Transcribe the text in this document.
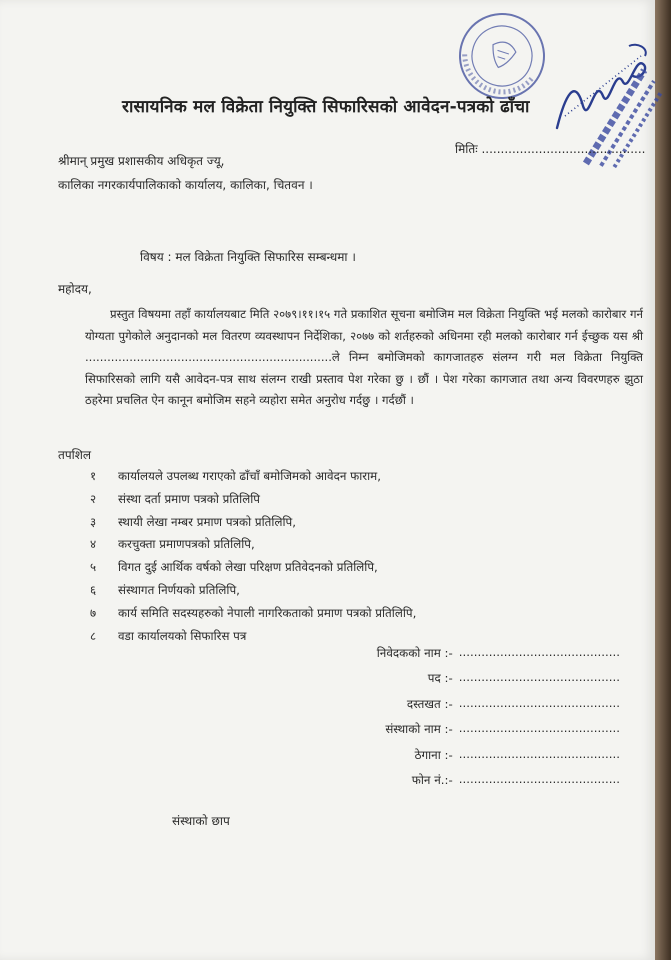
रासायनिक मल विक्रेता नियुक्ति सिफारिसको आवेदन-पत्रको ढाँचा
मितिः ...........................................
श्रीमान् प्रमुख प्रशासकीय अधिकृत ज्यू,
कालिका नगरकार्यपालिकाको कार्यालय, कालिका, चितवन ।
विषय : मल विक्रेता नियुक्ति सिफारिस सम्बन्धमा ।
महोदय,
प्रस्तुत विषयमा तहाँ कार्यालयबाट मिति २०७९।११।१५ गते प्रकाशित सूचना बमोजिम मल विक्रेता नियुक्ति भई मलको कारोबार गर्न योग्यता पुगेकोले अनुदानको मल वितरण व्यवस्थापन निर्देशिका, २०७७ को शर्तहरुको अधिनमा रही मलको कारोबार गर्न ईच्छुक यस श्री ...................................................................ले निम्न बमोजिमको कागजातहरु संलग्न गरी मल विक्रेता नियुक्ति सिफारिसको लागि यसै आवेदन-पत्र साथ संलग्न राखी प्रस्ताव पेश गरेका छु । छौं । पेश गरेका कागजात तथा अन्य विवरणहरु झुठा ठहरेमा प्रचलित ऐन कानून बमोजिम सहने व्यहोरा समेत अनुरोध गर्दछु । गर्दछौं ।
तपशिल
१	कार्यालयले उपलब्ध गराएको ढाँचाँ बमोजिमको आवेदन फाराम,
२	संस्था दर्ता प्रमाण पत्रको प्रतिलिपि
३	स्थायी लेखा नम्बर प्रमाण पत्रको प्रतिलिपि,
४	करचुक्ता प्रमाणपत्रको प्रतिलिपि,
५	विगत दुई आर्थिक वर्षको लेखा परिक्षण प्रतिवेदनको प्रतिलिपि,
६	संस्थागत निर्णयको प्रतिलिपि,
७	कार्य समिति सदस्यहरुको नेपाली नागरिकताको प्रमाण पत्रको प्रतिलिपि,
८	वडा कार्यालयको सिफारिस पत्र
निवेदकको नाम :- ...........................................
पद :- ...........................................
दस्तखत :- ...........................................
संस्थाको नाम :- ...........................................
ठेगाना :- ...........................................
फोन नं.:- ...........................................
संस्थाको छाप
